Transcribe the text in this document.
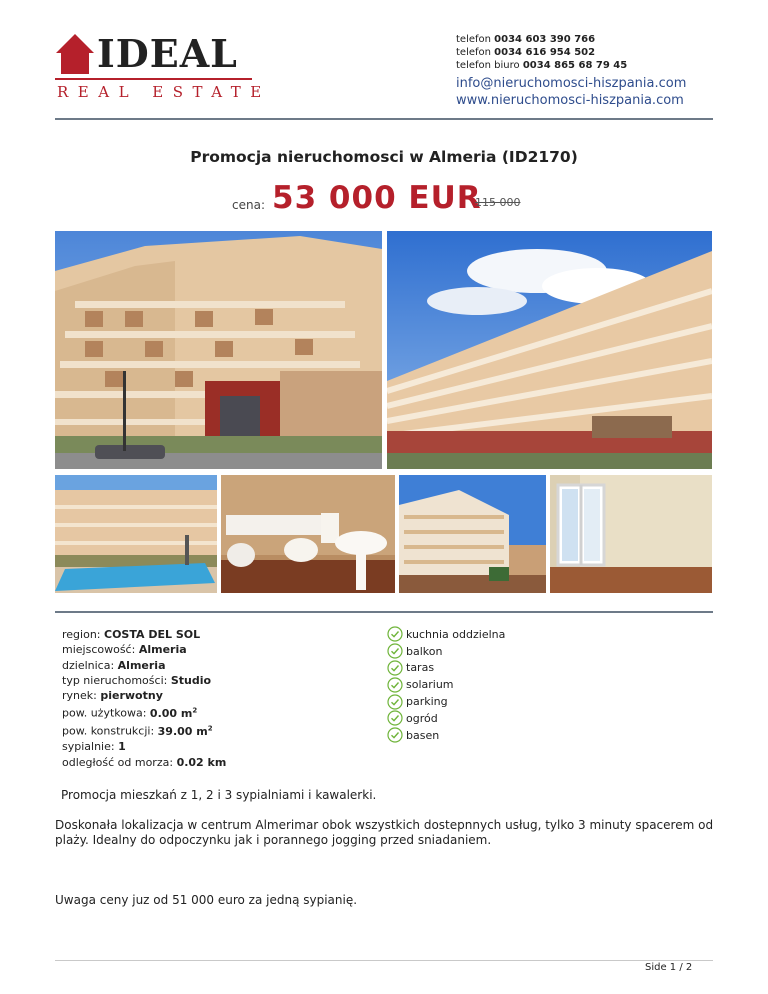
IDEAL
REAL ESTATE
telefon 0034 603 390 766
telefon 0034 616 954 502
telefon biuro 0034 865 68 79 45
info@nieruchomosci-hiszpania.com
www.nieruchomosci-hiszpania.com
Promocja nieruchomosci w Almeria (ID2170)
cena: 53 000 EUR
115 000
region: COSTA DEL SOL
miejscowość: Almeria
dzielnica: Almeria
typ nieruchomości: Studio
rynek: pierwotny
pow. użytkowa: 0.00 $m^2$
pow. konstrukcji: 39.00 $m^2$
sypialnie: 1
odległość od morza: 0.02 km
kuchnia oddzielna
balkon
taras
solarium
parking
ogród
basen
Promocja mieszkań z 1, 2 i 3 sypialniami i kawalerki.
Doskonała lokalizacja w centrum Almerimar obok wszystkich dostepnnych usług, tylko 3 minuty spacerem od plaży. Idealny do odpoczynku jak i porannego jogging przed sniadaniem.
Uwaga ceny juz od 51 000 euro za jedną sypianię.
Side 1 / 2
